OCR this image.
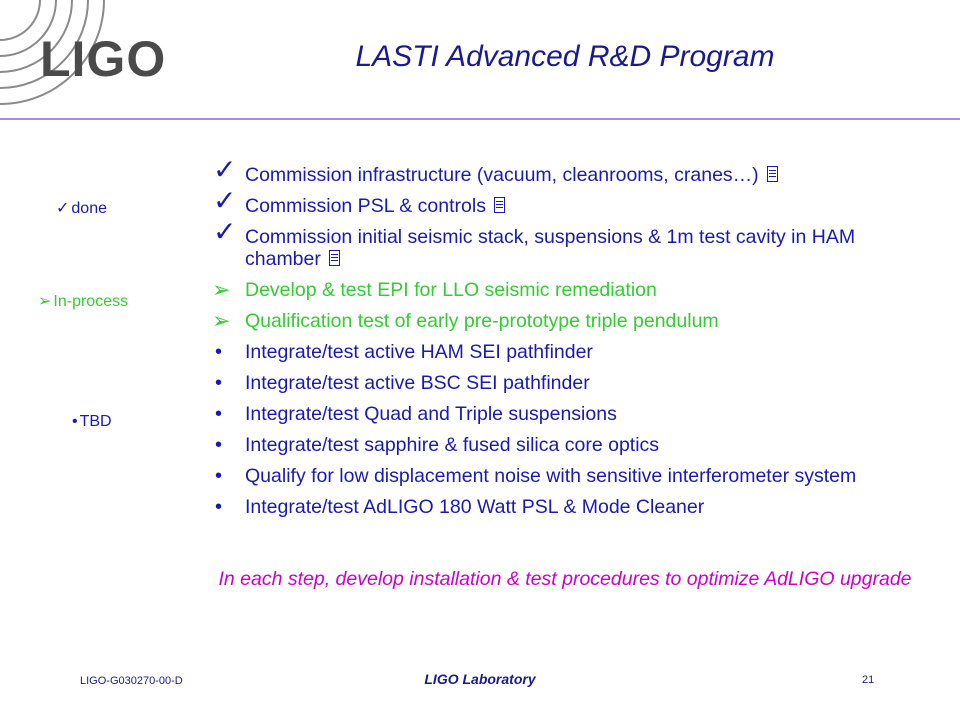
LIGO	LASTI Advanced R&D Program
✓ done
➢ In-process
• TBD
✓ Commission infrastructure (vacuum, cleanrooms, cranes…)
✓ Commission PSL & controls
✓ Commission initial seismic stack, suspensions & 1m test cavity in HAM chamber
➢ Develop & test EPI for LLO seismic remediation
➢ Qualification test of early pre-prototype triple pendulum
• Integrate/test active HAM SEI pathfinder
• Integrate/test active BSC SEI pathfinder
• Integrate/test Quad and Triple suspensions
• Integrate/test sapphire & fused silica core optics
• Qualify for low displacement noise with sensitive interferometer system
• Integrate/test AdLIGO 180 Watt PSL & Mode Cleaner
In each step, develop installation & test procedures to optimize AdLIGO upgrade
LIGO-G030270-00-D	LIGO Laboratory	21
